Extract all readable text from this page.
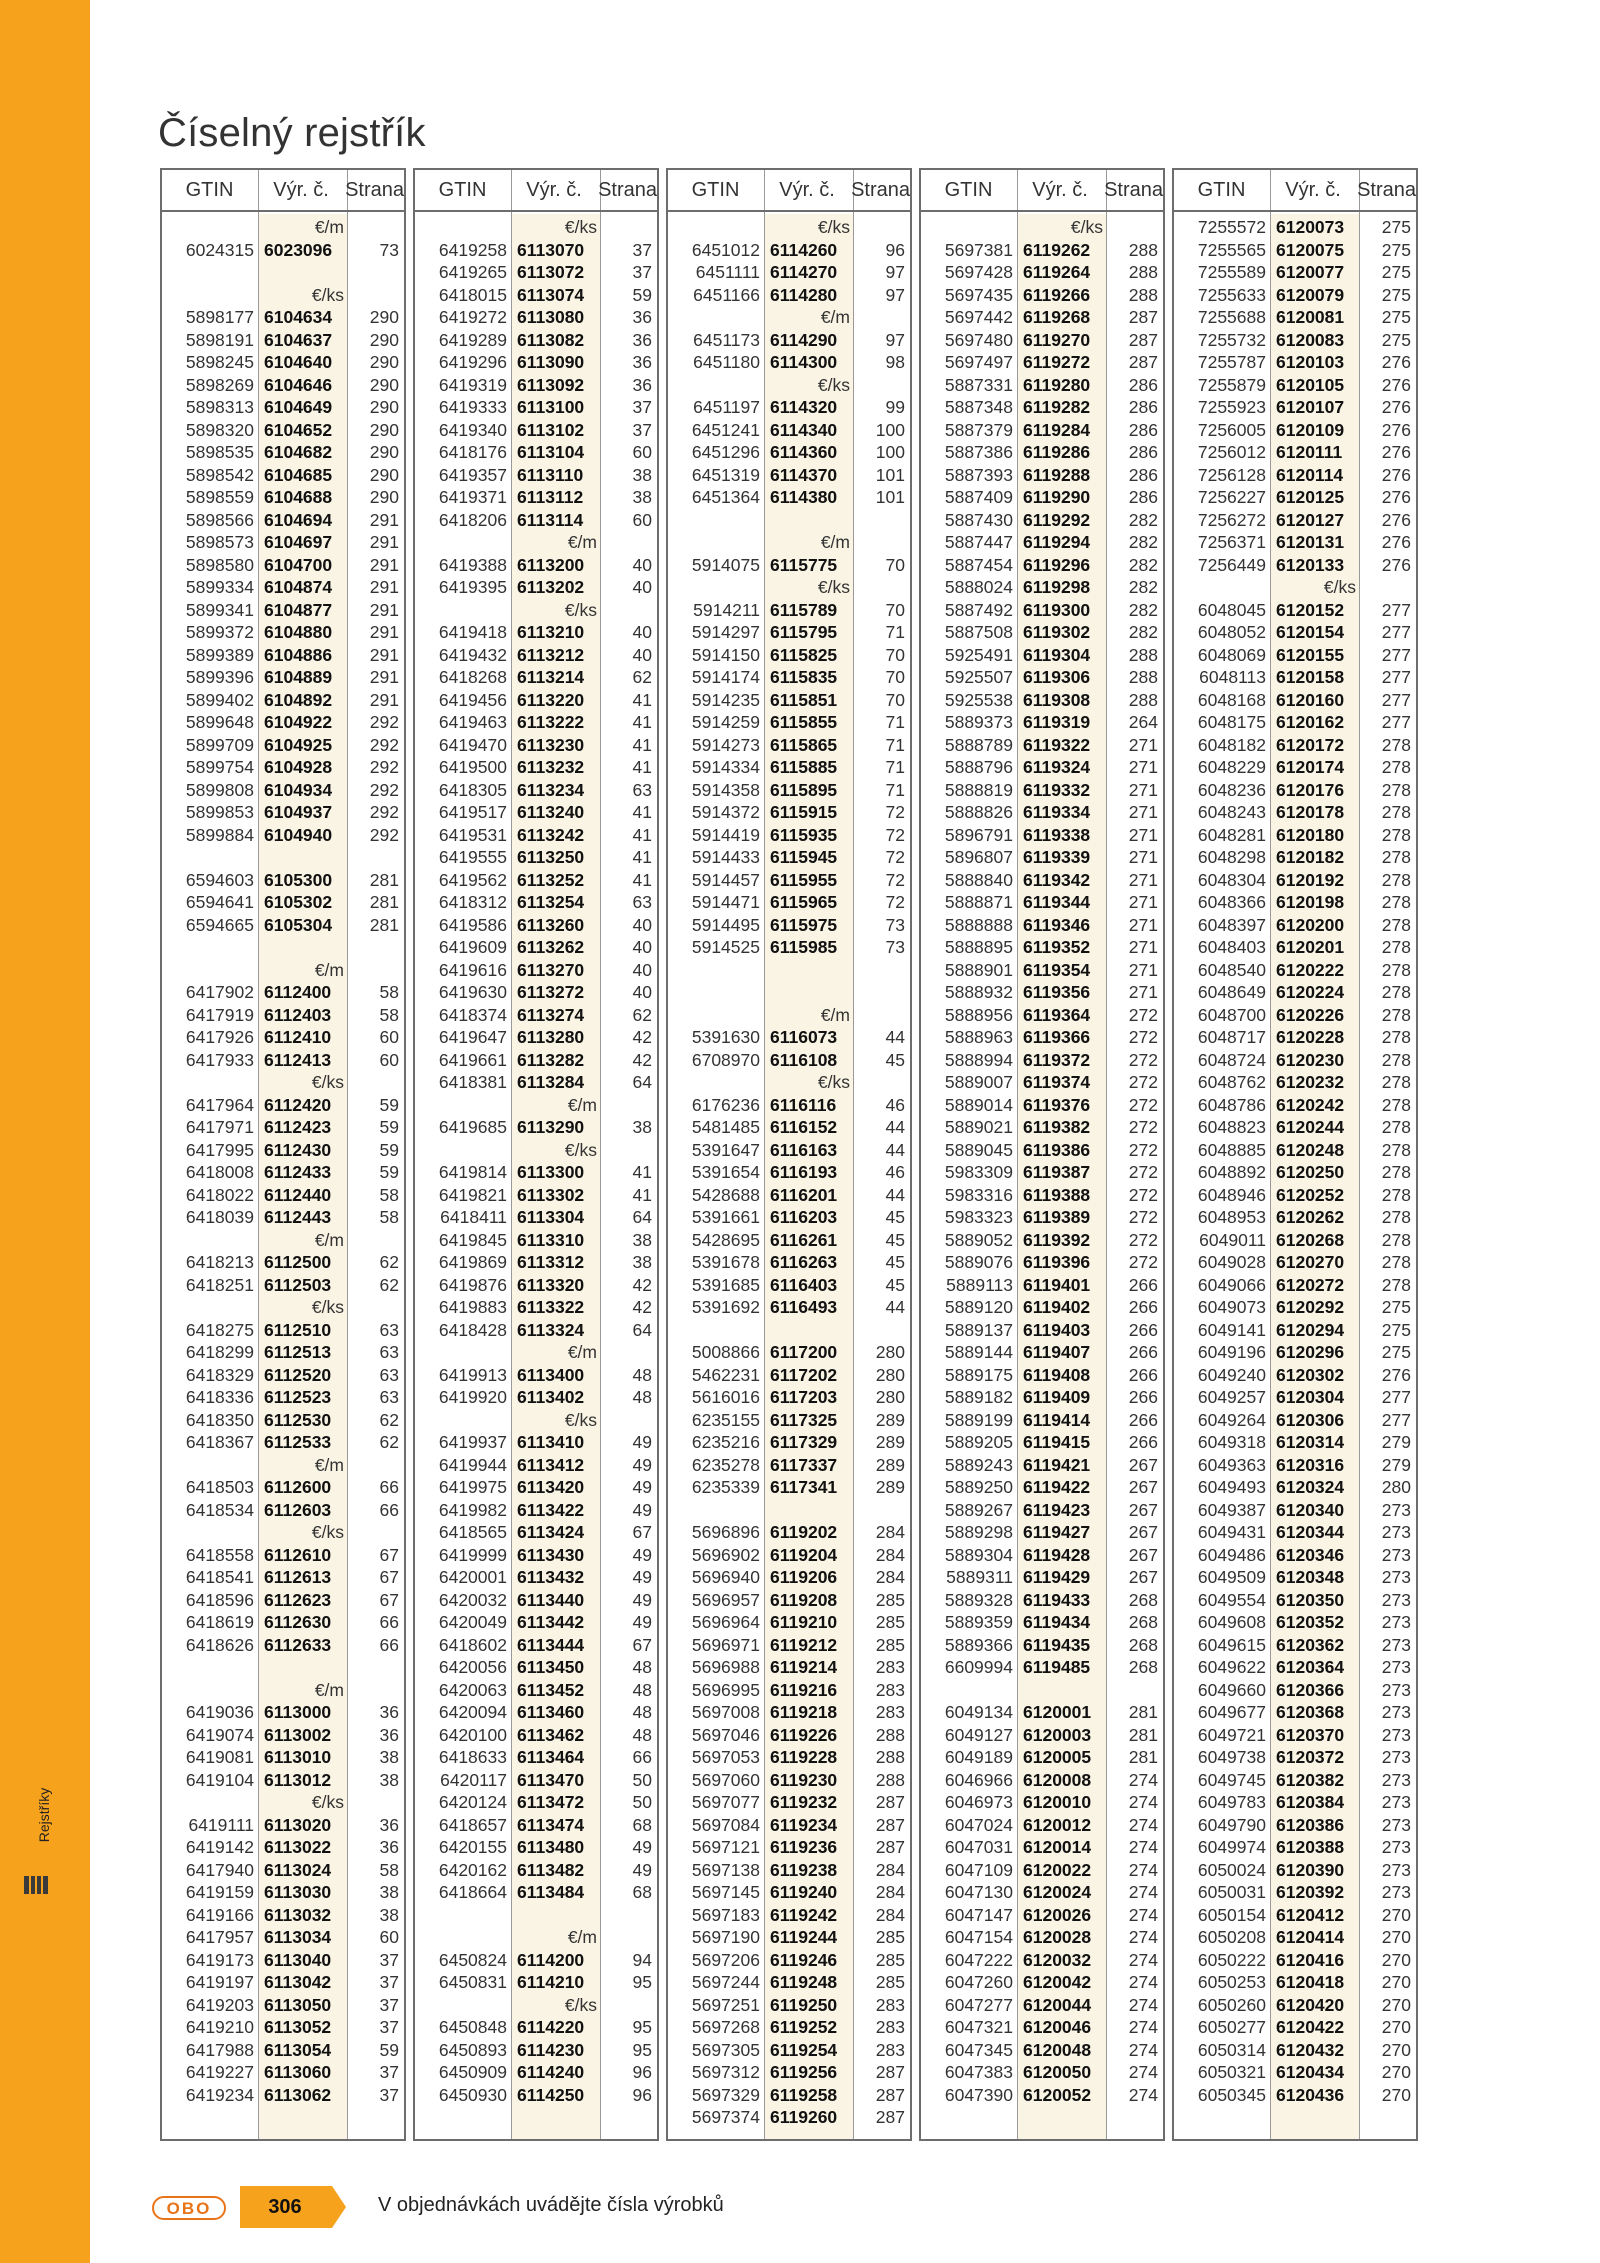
Rejstříky
Číselný rejstřík
GTIN	Výr. č. Strana
€/m
6024315 6023096	73
€/ks
5898177 6104634	290
5898191 6104637	290
5898245 6104640	290
5898269 6104646	290
5898313 6104649	290
5898320 6104652	290
5898535 6104682	290
5898542 6104685	290
5898559 6104688	290
5898566 6104694	291
5898573 6104697	291
5898580 6104700	291
5899334 6104874	291
5899341 6104877	291
5899372 6104880	291
5899389 6104886	291
5899396 6104889	291
5899402 6104892	291
5899648 6104922	292
5899709 6104925	292
5899754 6104928	292
5899808 6104934	292
5899853 6104937	292
5899884 6104940	292
6594603 6105300	281
6594641 6105302	281
6594665 6105304	281
€/m
6417902 6112400	58
6417919 6112403	58
6417926 6112410	60
6417933 6112413	60
€/ks
6417964 6112420	59
6417971 6112423	59
6417995 6112430	59
6418008 6112433	59
6418022 6112440	58
6418039 6112443	58
€/m
6418213 6112500	62
6418251 6112503	62
€/ks
6418275 6112510	63
6418299 6112513	63
6418329 6112520	63
6418336 6112523	63
6418350 6112530	62
6418367 6112533	62
€/m
6418503 6112600	66
6418534 6112603	66
€/ks
6418558 6112610	67
6418541 6112613	67
6418596 6112623	67
6418619 6112630	66
6418626 6112633	66
€/m
6419036 6113000	36
6419074 6113002	36
6419081 6113010	38
6419104 6113012	38
€/ks
6419111 6113020	36
6419142 6113022	36
6417940 6113024	58
6419159 6113030	38
6419166 6113032	38
6417957 6113034	60
6419173 6113040	37
6419197 6113042	37
6419203 6113050	37
6419210 6113052	37
6417988 6113054	59
6419227 6113060	37
6419234 6113062	37
GTIN	Výr. č. Strana
€/ks
6419258 6113070	37
6419265 6113072	37
6418015 6113074	59
6419272 6113080	36
6419289 6113082	36
6419296 6113090	36
6419319 6113092	36
6419333 6113100	37
6419340 6113102	37
6418176 6113104	60
6419357 6113110	38
6419371 6113112	38
6418206 6113114	60
€/m
6419388 6113200	40
6419395 6113202	40
€/ks
6419418 6113210	40
6419432 6113212	40
6418268 6113214	62
6419456 6113220	41
6419463 6113222	41
6419470 6113230	41
6419500 6113232	41
6418305 6113234	63
6419517 6113240	41
6419531 6113242	41
6419555 6113250	41
6419562 6113252	41
6418312 6113254	63
6419586 6113260	40
6419609 6113262	40
6419616 6113270	40
6419630 6113272	40
6418374 6113274	62
6419647 6113280	42
6419661 6113282	42
6418381 6113284	64
€/m
6419685 6113290	38
€/ks
6419814 6113300	41
6419821 6113302	41
6418411 6113304	64
6419845 6113310	38
6419869 6113312	38
6419876 6113320	42
6419883 6113322	42
6418428 6113324	64
€/m
6419913 6113400	48
6419920 6113402	48
€/ks
6419937 6113410	49
6419944 6113412	49
6419975 6113420	49
6419982 6113422	49
6418565 6113424	67
6419999 6113430	49
6420001 6113432	49
6420032 6113440	49
6420049 6113442	49
6418602 6113444	67
6420056 6113450	48
6420063 6113452	48
6420094 6113460	48
6420100 6113462	48
6418633 6113464	66
6420117 6113470	50
6420124 6113472	50
6418657 6113474	68
6420155 6113480	49
6420162 6113482	49
6418664 6113484	68
€/m
6450824 6114200	94
6450831 6114210	95
€/ks
6450848 6114220	95
6450893 6114230	95
6450909 6114240	96
6450930 6114250	96
GTIN	Výr. č. Strana
€/ks
6451012 6114260	96
6451111 6114270	97
6451166 6114280	97
€/m
6451173 6114290	97
6451180 6114300	98
€/ks
6451197 6114320	99
6451241 6114340	100
6451296 6114360	100
6451319 6114370	101
6451364 6114380	101
€/m
5914075 6115775	70
€/ks
5914211 6115789	70
5914297 6115795	71
5914150 6115825	70
5914174 6115835	70
5914235 6115851	70
5914259 6115855	71
5914273 6115865	71
5914334 6115885	71
5914358 6115895	71
5914372 6115915	72
5914419 6115935	72
5914433 6115945	72
5914457 6115955	72
5914471 6115965	72
5914495 6115975	73
5914525 6115985	73
€/m
5391630 6116073	44
6708970 6116108	45
€/ks
6176236 6116116	46
5481485 6116152	44
5391647 6116163	44
5391654 6116193	46
5428688 6116201	44
5391661 6116203	45
5428695 6116261	45
5391678 6116263	45
5391685 6116403	45
5391692 6116493	44
5008866 6117200	280
5462231 6117202	280
5616016 6117203	280
6235155 6117325	289
6235216 6117329	289
6235278 6117337	289
6235339 6117341	289
5696896 6119202	284
5696902 6119204	284
5696940 6119206	284
5696957 6119208	285
5696964 6119210	285
5696971 6119212	285
5696988 6119214	283
5696995 6119216	283
5697008 6119218	283
5697046 6119226	288
5697053 6119228	288
5697060 6119230	288
5697077 6119232	287
5697084 6119234	287
5697121 6119236	287
5697138 6119238	284
5697145 6119240	284
5697183 6119242	284
5697190 6119244	285
5697206 6119246	285
5697244 6119248	285
5697251 6119250	283
5697268 6119252	283
5697305 6119254	283
5697312 6119256	287
5697329 6119258	287
5697374 6119260	287
GTIN	Výr. č. Strana
€/ks
5697381 6119262	288
5697428 6119264	288
5697435 6119266	288
5697442 6119268	287
5697480 6119270	287
5697497 6119272	287
5887331 6119280	286
5887348 6119282	286
5887379 6119284	286
5887386 6119286	286
5887393 6119288	286
5887409 6119290	286
5887430 6119292	282
5887447 6119294	282
5887454 6119296	282
5888024 6119298	282
5887492 6119300	282
5887508 6119302	282
5925491 6119304	288
5925507 6119306	288
5925538 6119308	288
5889373 6119319	264
5888789 6119322	271
5888796 6119324	271
5888819 6119332	271
5888826 6119334	271
5896791 6119338	271
5896807 6119339	271
5888840 6119342	271
5888871 6119344	271
5888888 6119346	271
5888895 6119352	271
5888901 6119354	271
5888932 6119356	271
5888956 6119364	272
5888963 6119366	272
5888994 6119372	272
5889007 6119374	272
5889014 6119376	272
5889021 6119382	272
5889045 6119386	272
5983309 6119387	272
5983316 6119388	272
5983323 6119389	272
5889052 6119392	272
5889076 6119396	272
5889113 6119401	266
5889120 6119402	266
5889137 6119403	266
5889144 6119407	266
5889175 6119408	266
5889182 6119409	266
5889199 6119414	266
5889205 6119415	266
5889243 6119421	267
5889250 6119422	267
5889267 6119423	267
5889298 6119427	267
5889304 6119428	267
5889311 6119429	267
5889328 6119433	268
5889359 6119434	268
5889366 6119435	268
6609994 6119485	268
6049134 6120001	281
6049127 6120003	281
6049189 6120005	281
6046966 6120008	274
6046973 6120010	274
6047024 6120012	274
6047031 6120014	274
6047109 6120022	274
6047130 6120024	274
6047147 6120026	274
6047154 6120028	274
6047222 6120032	274
6047260 6120042	274
6047277 6120044	274
6047321 6120046	274
6047345 6120048	274
6047383 6120050	274
6047390 6120052	274
GTIN	Výr. č. Strana
7255572 6120073	275
7255565 6120075	275
7255589 6120077	275
7255633 6120079	275
7255688 6120081	275
7255732 6120083	275
7255787 6120103	276
7255879 6120105	276
7255923 6120107	276
7256005 6120109	276
7256012 6120111	276
7256128 6120114	276
7256227 6120125	276
7256272 6120127	276
7256371 6120131	276
7256449 6120133	276
€/ks
6048045 6120152	277
6048052 6120154	277
6048069 6120155	277
6048113 6120158	277
6048168 6120160	277
6048175 6120162	277
6048182 6120172	278
6048229 6120174	278
6048236 6120176	278
6048243 6120178	278
6048281 6120180	278
6048298 6120182	278
6048304 6120192	278
6048366 6120198	278
6048397 6120200	278
6048403 6120201	278
6048540 6120222	278
6048649 6120224	278
6048700 6120226	278
6048717 6120228	278
6048724 6120230	278
6048762 6120232	278
6048786 6120242	278
6048823 6120244	278
6048885 6120248	278
6048892 6120250	278
6048946 6120252	278
6048953 6120262	278
6049011 6120268	278
6049028 6120270	278
6049066 6120272	278
6049073 6120292	275
6049141 6120294	275
6049196 6120296	275
6049240 6120302	276
6049257 6120304	277
6049264 6120306	277
6049318 6120314	279
6049363 6120316	279
6049493 6120324	280
6049387 6120340	273
6049431 6120344	273
6049486 6120346	273
6049509 6120348	273
6049554 6120350	273
6049608 6120352	273
6049615 6120362	273
6049622 6120364	273
6049660 6120366	273
6049677 6120368	273
6049721 6120370	273
6049738 6120372	273
6049745 6120382	273
6049783 6120384	273
6049790 6120386	273
6049974 6120388	273
6050024 6120390	273
6050031 6120392	273
6050154 6120412	270
6050208 6120414	270
6050222 6120416	270
6050253 6120418	270
6050260 6120420	270
6050277 6120422	270
6050314 6120432	270
6050321 6120434	270
6050345 6120436	270
OBO	306	V objednávkách uvádějte čísla výrobků
